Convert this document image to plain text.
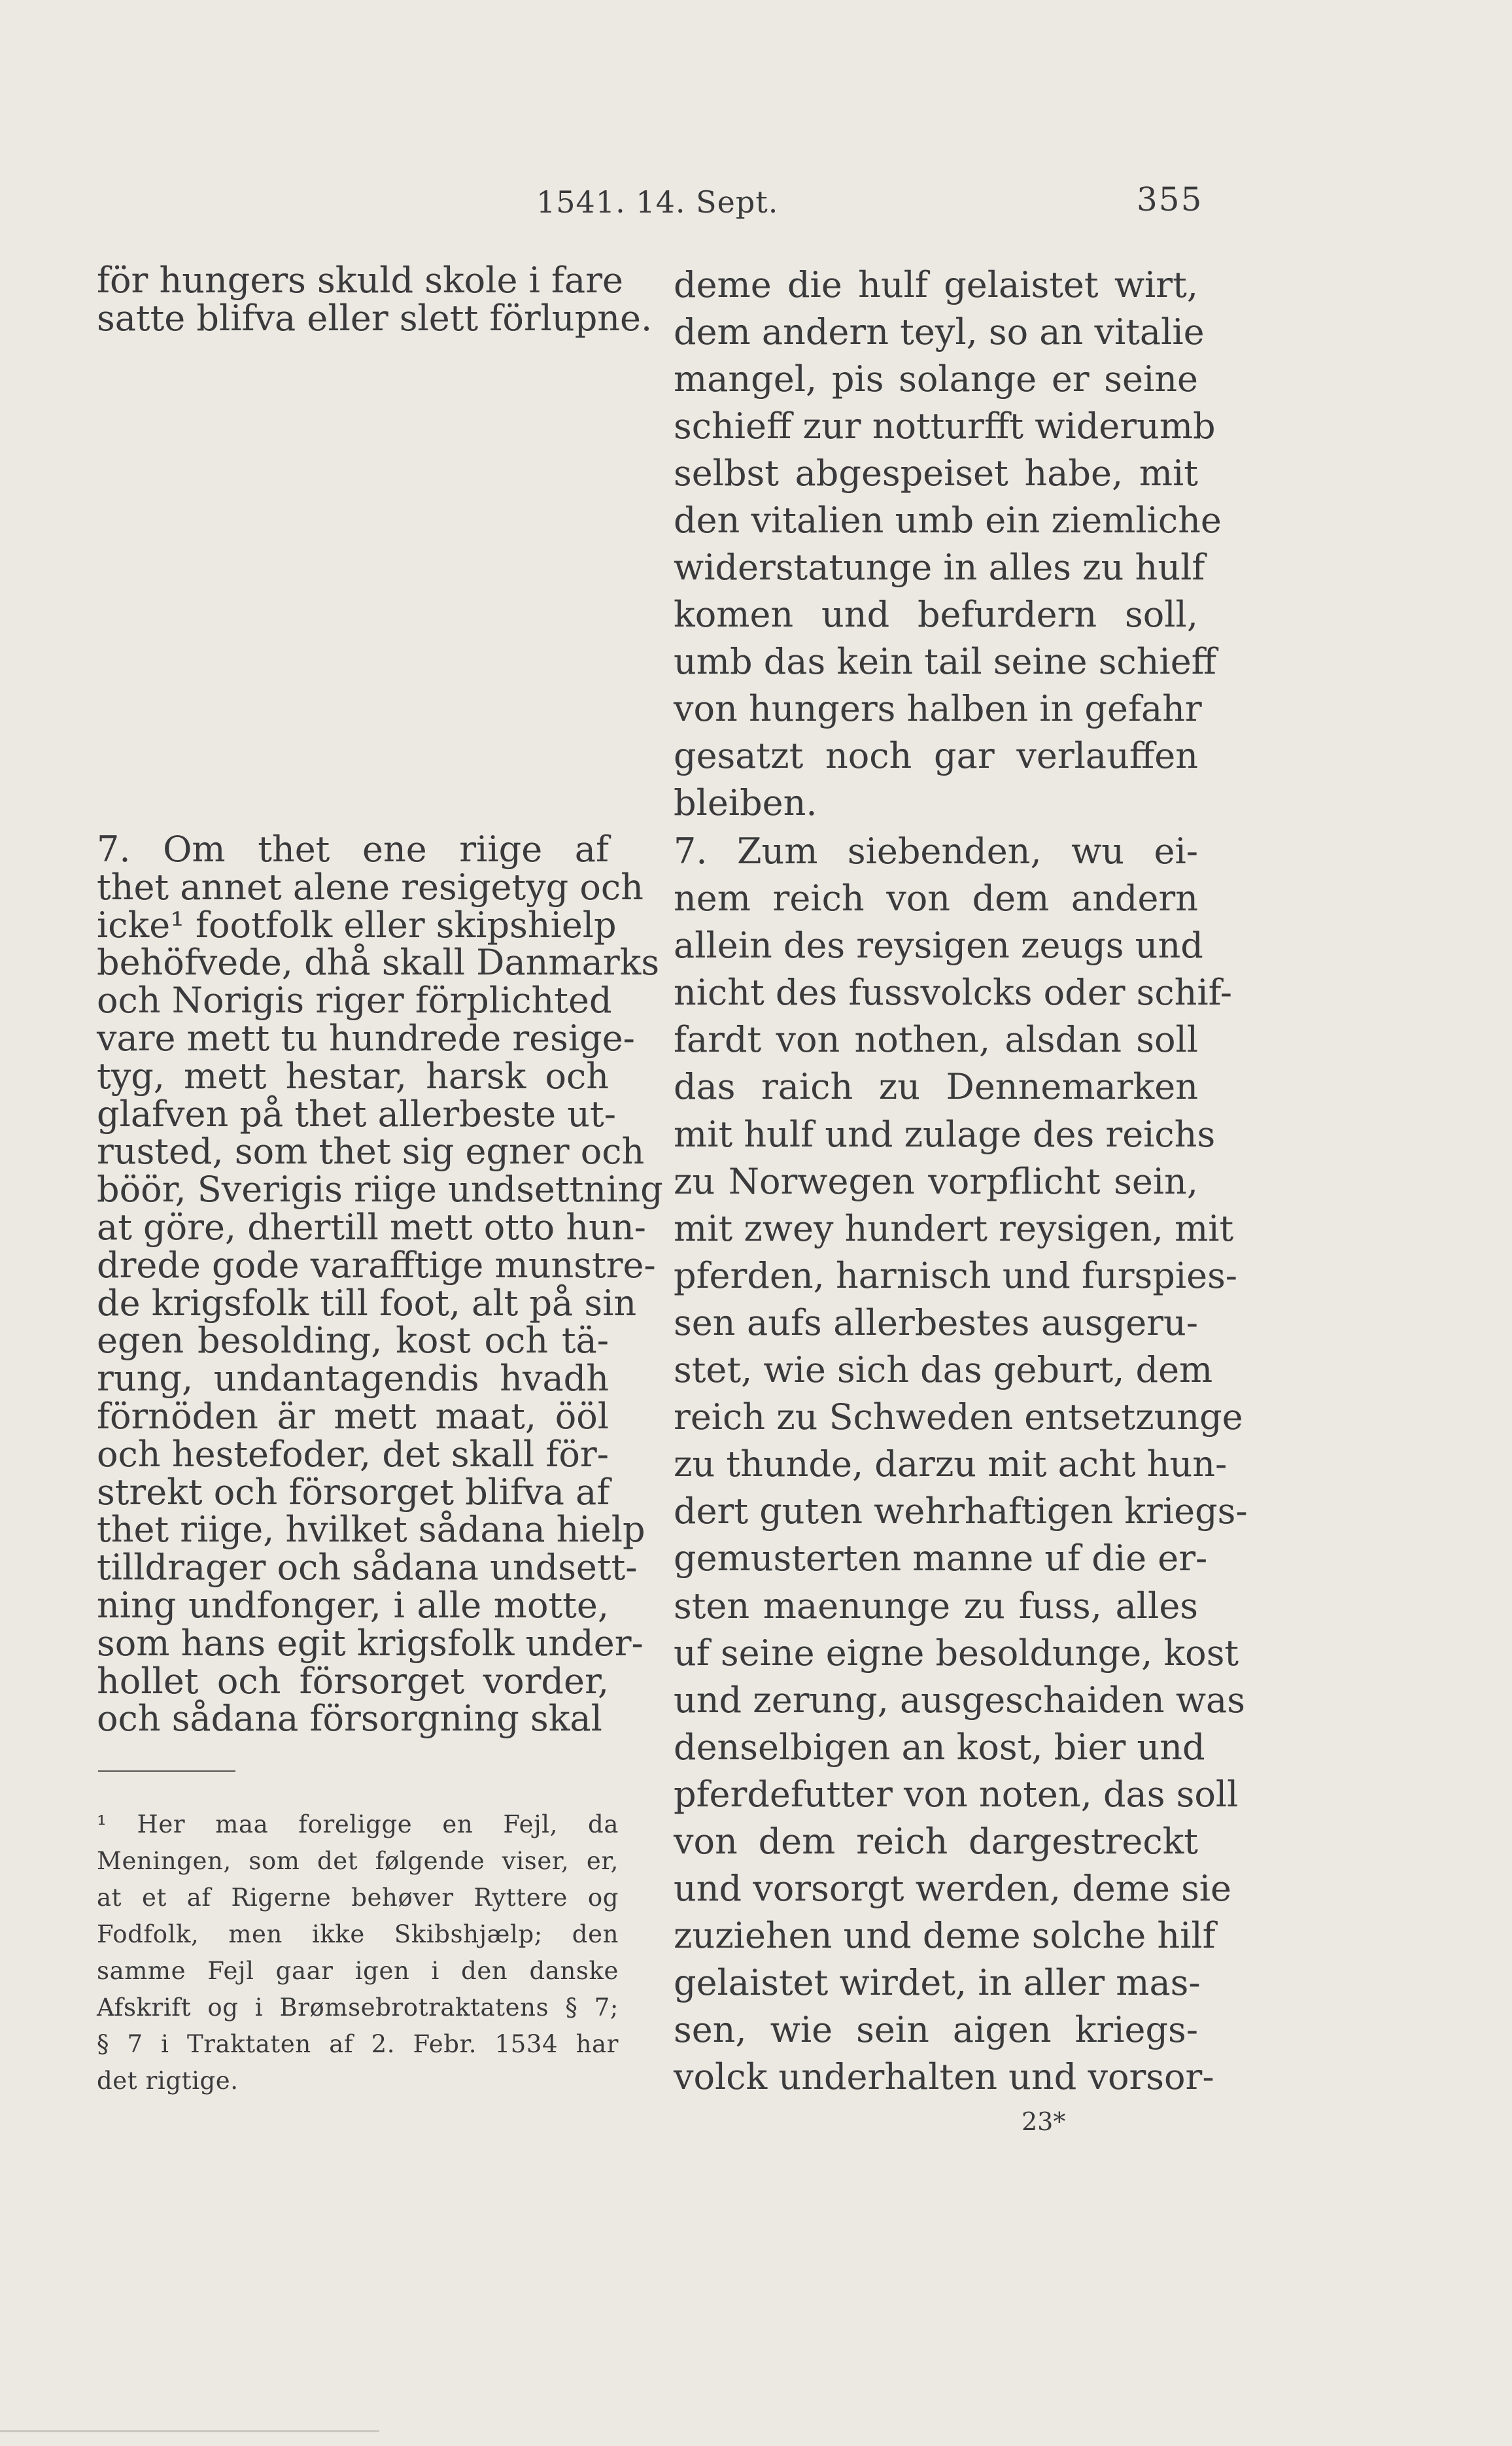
1541. 14. Sept.	355
för hungers skuld skole i fare
satte blifva eller slett förlupne.
7. Om thet ene riige af
thet annet alene resigetyg och
icke¹ footfolk eller skipshielp
behöfvede, dhå skall Danmarks
och Norigis riger förplichted
vare mett tu hundrede resige-
tyg, mett hestar, harsk och
glafven på thet allerbeste ut-
rusted, som thet sig egner och
böör, Sverigis riige undsettning
at göre, dhertill mett otto hun-
drede gode varafftige munstre-
de krigsfolk till foot, alt på sin
egen besolding, kost och tä-
rung, undantagendis hvadh
förnöden är mett maat, ööl
och hestefoder, det skall för-
strekt och försorget blifva af
thet riige, hvilket sådana hielp
tilldrager och sådana undsett-
ning undfonger, i alle motte,
som hans egit krigsfolk under-
hollet och försorget vorder,
och sådana försorgning skal
deme die hulf gelaistet wirt,
dem andern teyl, so an vitalie
mangel, pis solange er seine
schieff zur notturfft widerumb
selbst abgespeiset habe, mit
den vitalien umb ein ziemliche
widerstatunge in alles zu hulf
komen und befurdern soll,
umb das kein tail seine schieff
von hungers halben in gefahr
gesatzt noch gar verlauffen
bleiben.
7. Zum siebenden, wu ei-
nem reich von dem andern
allein des reysigen zeugs und
nicht des fussvolcks oder schif-
fardt von nothen, alsdan soll
das raich zu Dennemarken
mit hulf und zulage des reichs
zu Norwegen vorpflicht sein,
mit zwey hundert reysigen, mit
pferden, harnisch und furspies-
sen aufs allerbestes ausgeru-
stet, wie sich das geburt, dem
reich zu Schweden entsetzunge
zu thunde, darzu mit acht hun-
dert guten wehrhaftigen kriegs-
gemusterten manne uf die er-
sten maenunge zu fuss, alles
uf seine eigne besoldunge, kost
und zerung, ausgeschaiden was
denselbigen an kost, bier und
pferdefutter von noten, das soll
von dem reich dargestreckt
und vorsorgt werden, deme sie
zuziehen und deme solche hilf
gelaistet wirdet, in aller mas-
sen, wie sein aigen kriegs-
volck underhalten und vorsor-
¹ Her maa foreligge en Fejl, da
Meningen, som det følgende viser, er,
at et af Rigerne behøver Ryttere og
Fodfolk, men ikke Skibshjælp; den
samme Fejl gaar igen i den danske
Afskrift og i Brømsebrotraktatens § 7;
§ 7 i Traktaten af 2. Febr. 1534 har
det rigtige.
23*
